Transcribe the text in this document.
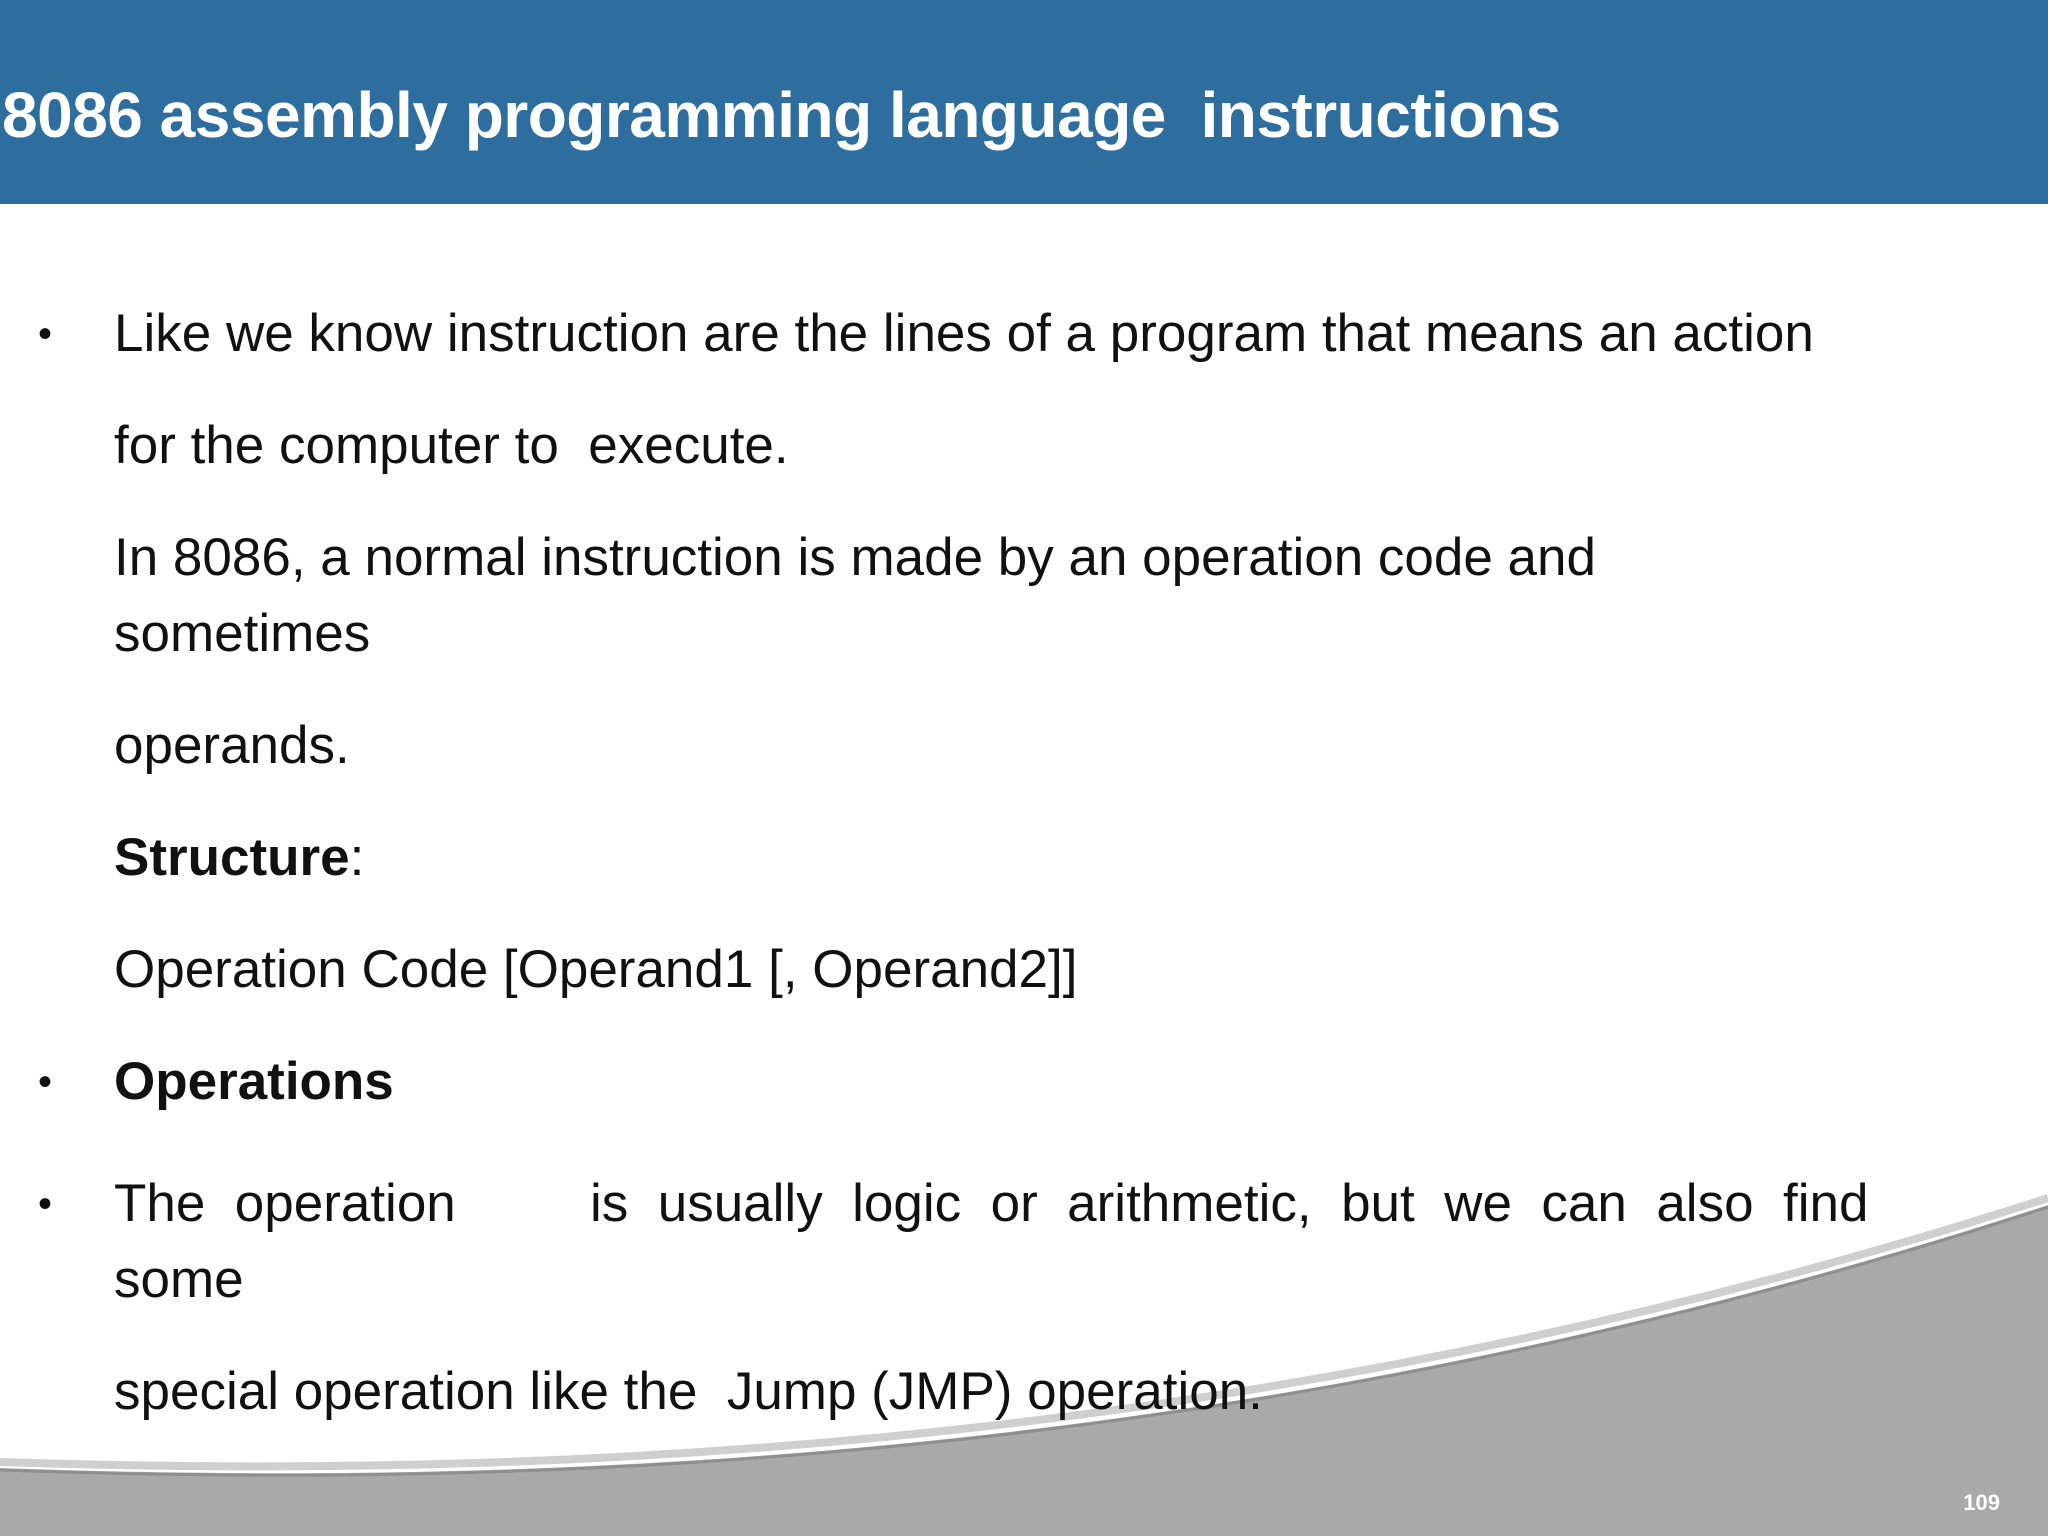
8086 assembly programming language  instructions
• Like we know instruction are the lines of a program that means an action
for the computer to  execute.
In 8086, a normal instruction is made by an operation code and
sometimes
operands.
Structure:
Operation Code [Operand1 [, Operand2]]
• Operations
• The  operation	is  usually  logic  or  arithmetic,  but  we  can  also  find
some
special operation like the  Jump (JMP) operation.
109
